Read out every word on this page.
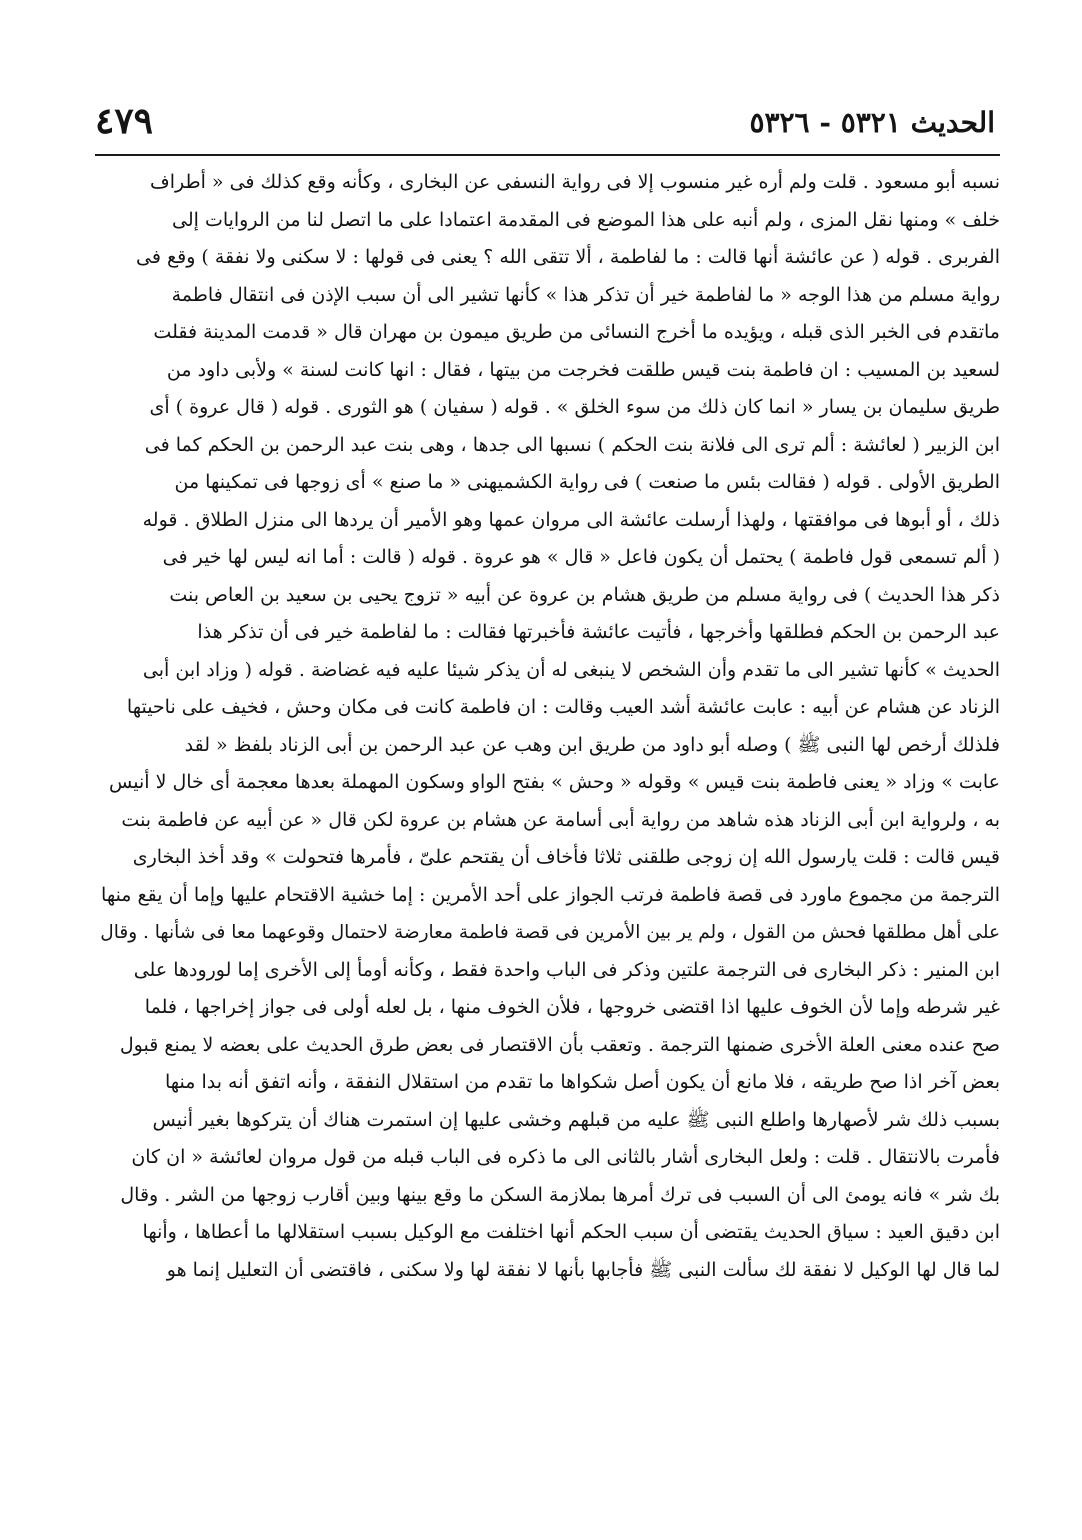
الحديث ٥٣٢١ - ٥٣٢٦
٤٧٩
نسبه أبو مسعود . قلت ولم أره غير منسوب إلا فى رواية النسفى عن البخارى ، وكأنه وقع كذلك فى « أطراف
خلف » ومنها نقل المزى ، ولم أنبه على هذا الموضع فى المقدمة اعتمادا على ما اتصل لنا من الروايات إلى
الفربرى . قوله ( عن عائشة أنها قالت : ما لفاطمة ، ألا تتقى الله ؟ يعنى فى قولها : لا سكنى ولا نفقة ) وقع فى
رواية مسلم من هذا الوجه « ما لفاطمة خير أن تذكر هذا » كأنها تشير الى أن سبب الإذن فى انتقال فاطمة
ماتقدم فى الخبر الذى قبله ، ويؤيده ما أخرج النسائى من طريق ميمون بن مهران قال « قدمت المدينة فقلت
لسعيد بن المسيب : ان فاطمة بنت قيس طلقت فخرجت من بيتها ، فقال : انها كانت لسنة » ولأبى داود من
طريق سليمان بن يسار « انما كان ذلك من سوء الخلق » . قوله ( سفيان ) هو الثورى . قوله ( قال عروة ) أى
ابن الزبير ( لعائشة : ألم ترى الى فلانة بنت الحكم ) نسبها الى جدها ، وهى بنت عبد الرحمن بن الحكم كما فى
الطريق الأولى . قوله ( فقالت بئس ما صنعت ) فى رواية الكشميهنى « ما صنع » أى زوجها فى تمكينها من
ذلك ، أو أبوها فى موافقتها ، ولهذا أرسلت عائشة الى مروان عمها وهو الأمير أن يردها الى منزل الطلاق . قوله
( ألم تسمعى قول فاطمة ) يحتمل أن يكون فاعل « قال » هو عروة . قوله ( قالت : أما انه ليس لها خير فى
ذكر هذا الحديث ) فى رواية مسلم من طريق هشام بن عروة عن أبيه « تزوج يحيى بن سعيد بن العاص بنت
عبد الرحمن بن الحكم فطلقها وأخرجها ، فأتيت عائشة فأخبرتها فقالت : ما لفاطمة خير فى أن تذكر هذا
الحديث » كأنها تشير الى ما تقدم وأن الشخص لا ينبغى له أن يذكر شيئا عليه فيه غضاضة . قوله ( وزاد ابن أبى
الزناد عن هشام عن أبيه : عابت عائشة أشد العيب وقالت : ان فاطمة كانت فى مكان وحش ، فخيف على ناحيتها
فلذلك أرخص لها النبى ﷺ ) وصله أبو داود من طريق ابن وهب عن عبد الرحمن بن أبى الزناد بلفظ « لقد
عابت » وزاد « يعنى فاطمة بنت قيس » وقوله « وحش » بفتح الواو وسكون المهملة بعدها معجمة أى خال لا أنيس
به ، ولرواية ابن أبى الزناد هذه شاهد من رواية أبى أسامة عن هشام بن عروة لكن قال « عن أبيه عن فاطمة بنت
قيس قالت : قلت يارسول الله إن زوجى طلقنى ثلاثا فأخاف أن يقتحم علىّ ، فأمرها فتحولت » وقد أخذ البخارى
الترجمة من مجموع ماورد فى قصة فاطمة فرتب الجواز على أحد الأمرين : إما خشية الاقتحام عليها وإما أن يقع منها
على أهل مطلقها فحش من القول ، ولم ير بين الأمرين فى قصة فاطمة معارضة لاحتمال وقوعهما معا فى شأنها . وقال
ابن المنير : ذكر البخارى فى الترجمة علتين وذكر فى الباب واحدة فقط ، وكأنه أومأ إلى الأخرى إما لورودها على
غير شرطه وإما لأن الخوف عليها اذا اقتضى خروجها ، فلأن الخوف منها ، بل لعله أولى فى جواز إخراجها ، فلما
صح عنده معنى العلة الأخرى ضمنها الترجمة . وتعقب بأن الاقتصار فى بعض طرق الحديث على بعضه لا يمنع قبول
بعض آخر اذا صح طريقه ، فلا مانع أن يكون أصل شكواها ما تقدم من استقلال النفقة ، وأنه اتفق أنه بدا منها
بسبب ذلك شر لأصهارها واطلع النبى ﷺ عليه من قبلهم وخشى عليها إن استمرت هناك أن يتركوها بغير أنيس
فأمرت بالانتقال . قلت : ولعل البخارى أشار بالثانى الى ما ذكره فى الباب قبله من قول مروان لعائشة « ان كان
بك شر » فانه يومئ الى أن السبب فى ترك أمرها بملازمة السكن ما وقع بينها وبين أقارب زوجها من الشر . وقال
ابن دقيق العيد : سياق الحديث يقتضى أن سبب الحكم أنها اختلفت مع الوكيل بسبب استقلالها ما أعطاها ، وأنها
لما قال لها الوكيل لا نفقة لك سألت النبى ﷺ فأجابها بأنها لا نفقة لها ولا سكنى ، فاقتضى أن التعليل إنما هو
